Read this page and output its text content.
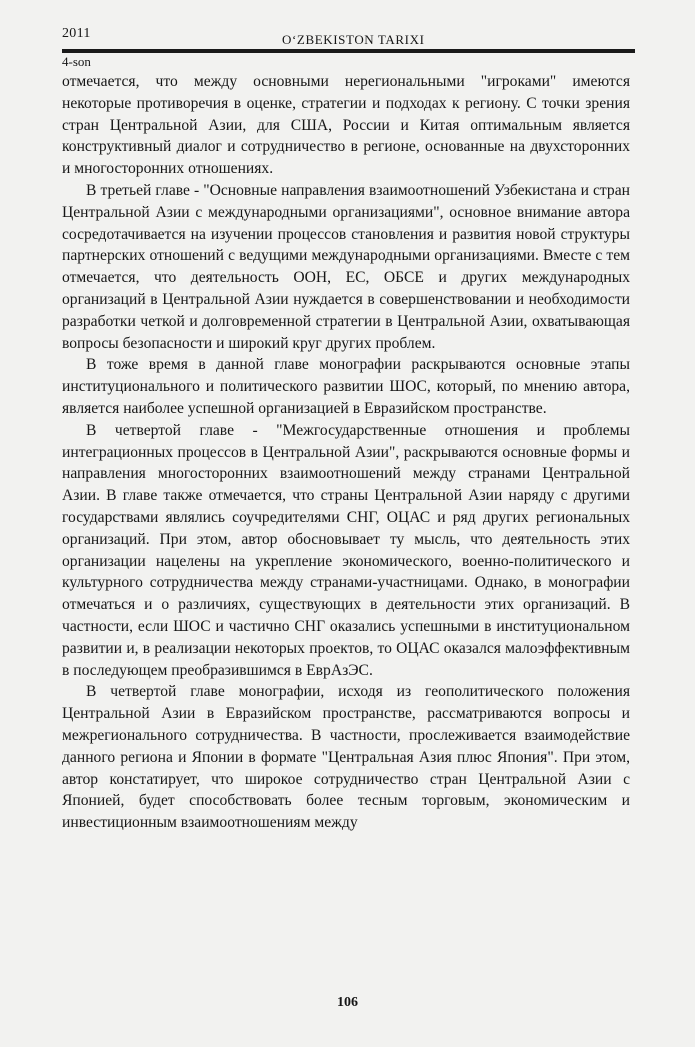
2011	O‘ZBEKISTON TARIXI
4-son

отмечается, что между основными нерегиональными "игроками" имеются некоторые противоречия в оценке, стратегии и подходах к региону. С точки зрения стран Центральной Азии, для США, России и Китая оптимальным является конструктивный диалог и сотрудничество в регионе, основанные на двухсторонних и многосторонних отношениях.

В третьей главе - "Основные направления взаимоотношений Узбекистана и стран Центральной Азии с международными организациями", основное внимание автора сосредотачивается на изучении процессов становления и развития новой структуры партнерских отношений с ведущими международными организациями. Вместе с тем отмечается, что деятельность ООН, ЕС, ОБСЕ и других международных организаций в Центральной Азии нуждается в совершенствовании и необходимости разработки четкой и долговременной стратегии в Центральной Азии, охватывающая вопросы безопасности и широкий круг других проблем.

В тоже время в данной главе монографии раскрываются основные этапы институционального и политического развитии ШОС, который, по мнению автора, является наиболее успешной организацией в Евразийском пространстве.

В четвертой главе - "Межгосударственные отношения и проблемы интеграционных процессов в Центральной Азии", раскрываются основные формы и направления многосторонних взаимоотношений между странами Центральной Азии. В главе также отмечается, что страны Центральной Азии наряду с другими государствами являлись соучредителями СНГ, ОЦАС и ряд других региональных организаций. При этом, автор обосновывает ту мысль, что деятельность этих организации нацелены на укрепление экономического, военно-политического и культурного сотрудничества между странами-участницами. Однако, в монографии отмечаться и о различиях, существующих в деятельности этих организаций. В частности, если ШОС и частично СНГ оказались успешными в институциональном развитии и, в реализации некоторых проектов, то ОЦАС оказался малоэффективным в последующем преобразившимся в ЕврАзЭС.

В четвертой главе монографии, исходя из геополитического положения Центральной Азии в Евразийском пространстве, рассматриваются вопросы и межрегионального сотрудничества. В частности, прослеживается взаимодействие данного региона и Японии в формате "Центральная Азия плюс Япония". При этом, автор констатирует, что широкое сотрудничество стран Центральной Азии с Японией, будет способствовать более тесным торговым, экономическим и инвестиционным взаимоотношениям между

106
